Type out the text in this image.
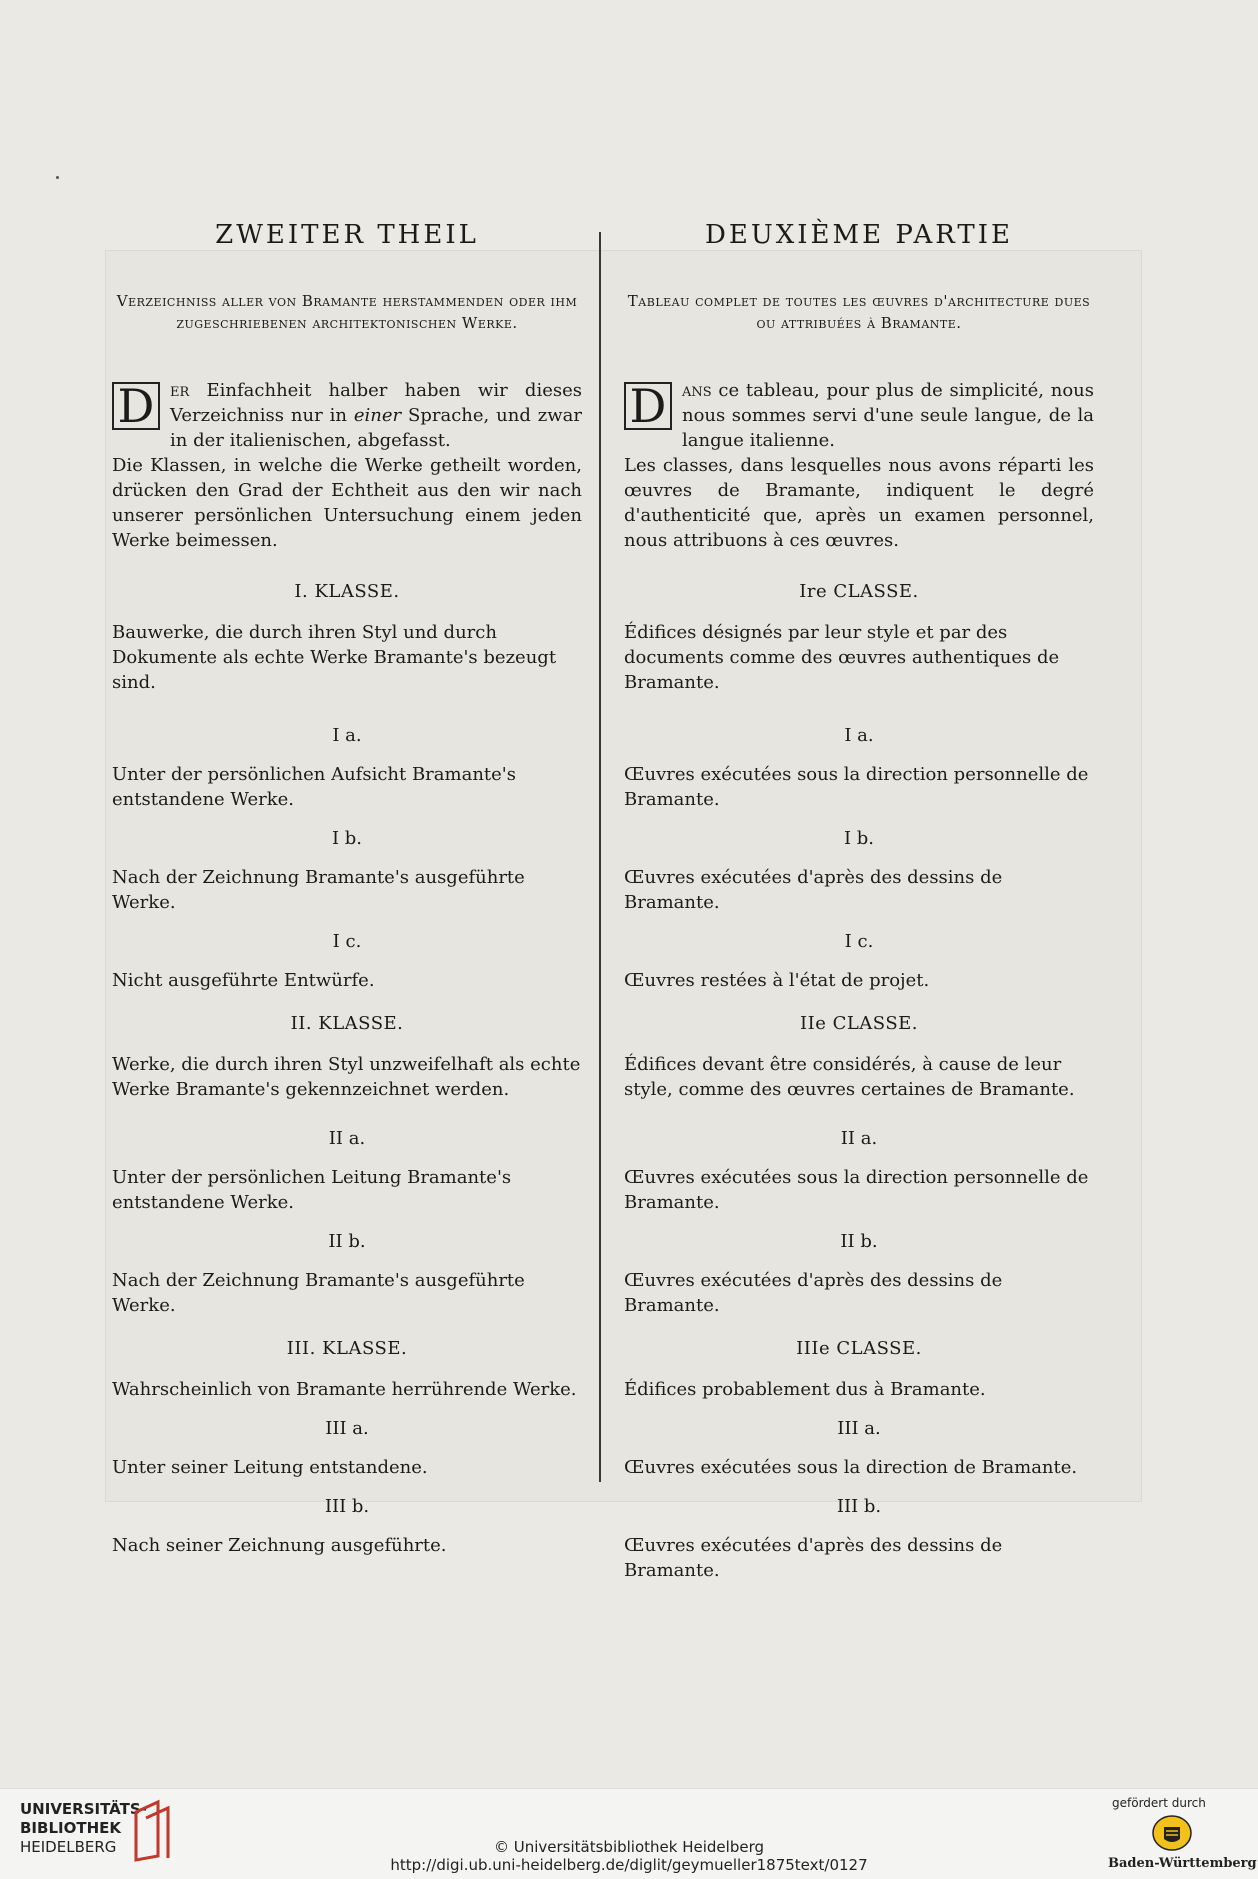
ZWEITER THEIL
Verzeichniss aller von Bramante herstammenden oder ihm zugeschriebenen architektonischen Werke.
D er Einfachheit halber haben wir dieses Verzeichniss nur in einer Sprache, und zwar in der italienischen, abgefasst.

Die Klassen, in welche die Werke getheilt worden, drücken den Grad der Echtheit aus den wir nach unserer persönlichen Untersuchung einem jeden Werke beimessen.

I. KLASSE.

Bauwerke, die durch ihren Styl und durch Dokumente als echte Werke Bramante's bezeugt sind.

I a.

Unter der persönlichen Aufsicht Bramante's entstandene Werke.

I b.

Nach der Zeichnung Bramante's ausgeführte Werke.

I c.

Nicht ausgeführte Entwürfe.

II. KLASSE.

Werke, die durch ihren Styl unzweifelhaft als echte Werke Bramante's gekennzeichnet werden.

II a.

Unter der persönlichen Leitung Bramante's entstandene Werke.

II b.

Nach der Zeichnung Bramante's ausgeführte Werke.

III. KLASSE.

Wahrscheinlich von Bramante herrührende Werke.

III a.

Unter seiner Leitung entstandene.

III b.

Nach seiner Zeichnung ausgeführte.

DEUXIÈME PARTIE
Tableau complet de toutes les œuvres d'architecture dues ou attribuées à Bramante.
D ans ce tableau, pour plus de simplicité, nous nous sommes servi d'une seule langue, de la langue italienne.

Les classes, dans lesquelles nous avons réparti les œuvres de Bramante, indiquent le degré d'authenticité que, après un examen personnel, nous attribuons à ces œuvres.

Ire CLASSE.

Édifices désignés par leur style et par des documents comme des œuvres authentiques de Bramante.

I a.

Œuvres exécutées sous la direction personnelle de Bramante.

I b.

Œuvres exécutées d'après des dessins de Bramante.

I c.

Œuvres restées à l'état de projet.

IIe CLASSE.

Édifices devant être considérés, à cause de leur style, comme des œuvres certaines de Bramante.

II a.

Œuvres exécutées sous la direction personnelle de Bramante.

II b.

Œuvres exécutées d'après des dessins de Bramante.

IIIe CLASSE.

Édifices probablement dus à Bramante.

III a.

Œuvres exécutées sous la direction de Bramante.

III b.

Œuvres exécutées d'après des dessins de Bramante.

UNIVERSITÄTS-
BIBLIOTHEK
HEIDELBERG	© Universitätsbibliothek Heidelberg
http://digi.ub.uni-heidelberg.de/diglit/geymueller1875text/0127
gefördert durch
Baden-Württemberg
